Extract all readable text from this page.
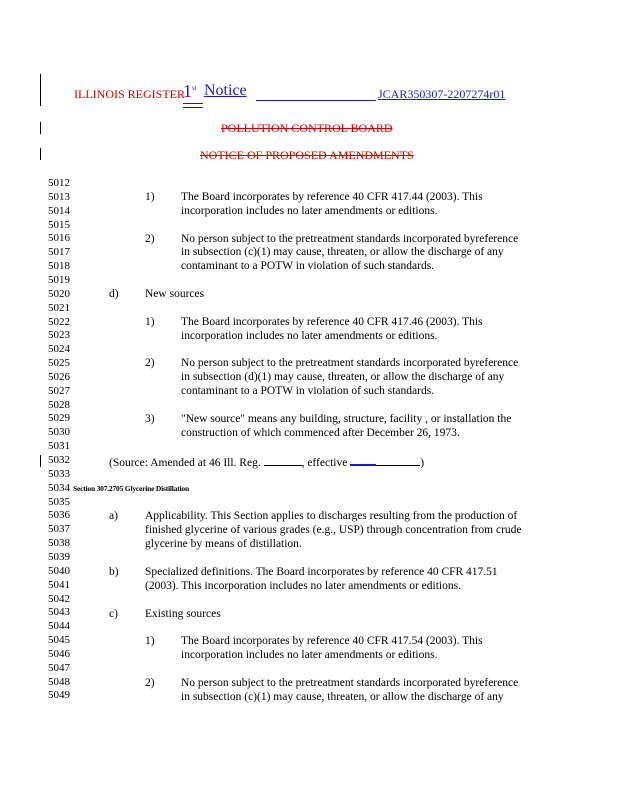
ILLINOIS REGISTER
1st Notice	JCAR350307-2207274r01
POLLUTION CONTROL BOARD
NOTICE OF PROPOSED AMENDMENTS
5012
5013
5014
5015
5016
5017
5018
5019
5020
5021
5022
5023
5024
5025
5026
5027
5028
5029
5030
5031
5032
5033
5034
5035
5036
5037
5038
5039
5040
5041
5042
5043
5044
5045
5046
5047
5048
5049
1) The Board incorporates by reference 40 CFR 417.44 (2003). This
incorporation includes no later amendments or editions.
2) No person subject to the pretreatment standards incorporated byreference
in subsection (c)(1) may cause, threaten, or allow the discharge of any
contaminant to a POTW in violation of such standards.
d) New sources
1) The Board incorporates by reference 40 CFR 417.46 (2003). This
incorporation includes no later amendments or editions.
2) No person subject to the pretreatment standards incorporated byreference
in subsection (d)(1) may cause, threaten, or allow the discharge of any
contaminant to a POTW in violation of such standards.
3) "New source" means any building, structure, facility , or installation the
construction of which commenced after December 26, 1973.
(Source: Amended at 46 Ill. Reg.	, effective	)
Section 307.2705 Glycerine Distillation
a) Applicability. This Section applies to discharges resulting from the production of
finished glycerine of various grades (e.g., USP) through concentration from crude
glycerine by means of distillation.
b) Specialized definitions. The Board incorporates by reference 40 CFR 417.51
(2003). This incorporation includes no later amendments or editions.
c) Existing sources
1) The Board incorporates by reference 40 CFR 417.54 (2003). This
incorporation includes no later amendments or editions.
2) No person subject to the pretreatment standards incorporated byreference
in subsection (c)(1) may cause, threaten, or allow the discharge of any
